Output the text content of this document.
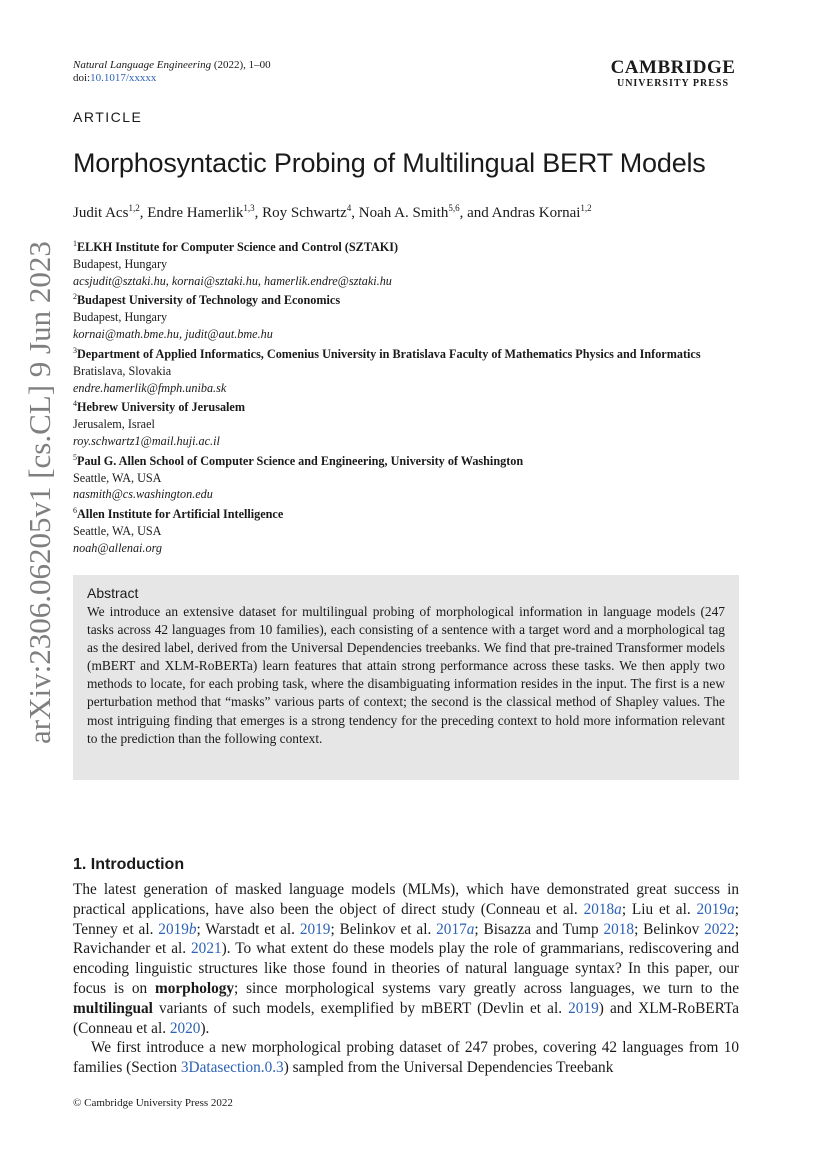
Natural Language Engineering (2022), 1–00
doi:10.1017/xxxxx	CAMBRIDGE
UNIVERSITY PRESS
ARTICLE
Morphosyntactic Probing of Multilingual BERT Models
Judit Acs$^{1,2}$, Endre Hamerlik$^{1,3}$, Roy Schwartz$^4$, Noah A. Smith$^{5,6}$, and Andras Kornai$^{1,2}$
$^1$ELKH Institute for Computer Science and Control (SZTAKI)
Budapest, Hungary
acsjudit@sztaki.hu, kornai@sztaki.hu, hamerlik.endre@sztaki.hu
$^2$Budapest University of Technology and Economics
Budapest, Hungary
kornai@math.bme.hu, judit@aut.bme.hu
$^3$Department of Applied Informatics, Comenius University in Bratislava Faculty of Mathematics Physics and Informatics
Bratislava, Slovakia
endre.hamerlik@fmph.uniba.sk
$^4$Hebrew University of Jerusalem
Jerusalem, Israel
roy.schwartz1@mail.huji.ac.il
$^5$Paul G. Allen School of Computer Science and Engineering, University of Washington
Seattle, WA, USA
nasmith@cs.washington.edu
$^6$Allen Institute for Artificial Intelligence
Seattle, WA, USA
noah@allenai.org
arXiv:2306.06205v1 [cs.CL] 9 Jun 2023	Abstract
We introduce an extensive dataset for multilingual probing of morphological information in language models (247 tasks across 42 languages from 10 families), each consisting of a sentence with a target word and a morphological tag as the desired label, derived from the Universal Dependencies treebanks. We find that pre-trained Transformer models (mBERT and XLM-RoBERTa) learn features that attain strong performance across these tasks. We then apply two methods to locate, for each probing task, where the disambiguating information resides in the input. The first is a new perturbation method that “masks” various parts of context; the second is the classical method of Shapley values. The most intriguing finding that emerges is a strong tendency for the preceding context to hold more information relevant to the prediction than the following context.
1. Introduction

The latest generation of masked language models (MLMs), which have demonstrated great success in practical applications, have also been the object of direct study (Conneau et al. 2018a; Liu et al. 2019a; Tenney et al. 2019b; Warstadt et al. 2019; Belinkov et al. 2017a; Bisazza and Tump 2018; Belinkov 2022; Ravichander et al. 2021). To what extent do these models play the role of grammarians, rediscovering and encoding linguistic structures like those found in theories of natural language syntax? In this paper, our focus is on morphology; since morphological systems vary greatly across languages, we turn to the multilingual variants of such models, exemplified by mBERT (Devlin et al. 2019) and XLM-RoBERTa (Conneau et al. 2020).

We first introduce a new morphological probing dataset of 247 probes, covering 42 languages from 10 families (Section 3Datasection.0.3) sampled from the Universal Dependencies Treebank

© Cambridge University Press 2022
